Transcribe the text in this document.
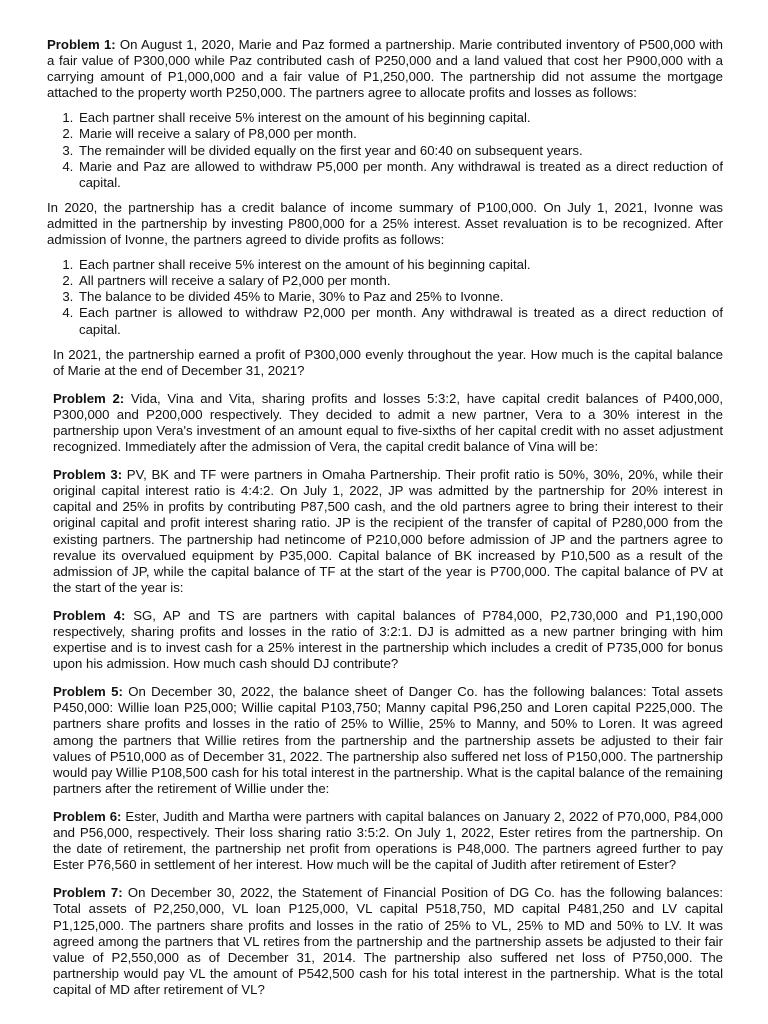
Problem 1: On August 1, 2020, Marie and Paz formed a partnership. Marie contributed inventory of P500,000 with a fair value of P300,000 while Paz contributed cash of P250,000 and a land valued that cost her P900,000 with a carrying amount of P1,000,000 and a fair value of P1,250,000. The partnership did not assume the mortgage attached to the property worth P250,000. The partners agree to allocate profits and losses as follows:

1. Each partner shall receive 5% interest on the amount of his beginning capital.
2. Marie will receive a salary of P8,000 per month.
3. The remainder will be divided equally on the first year and 60:40 on subsequent years.
4. Marie and Paz are allowed to withdraw P5,000 per month. Any withdrawal is treated as a direct reduction of capital.

In 2020, the partnership has a credit balance of income summary of P100,000. On July 1, 2021, Ivonne was admitted in the partnership by investing P800,000 for a 25% interest. Asset revaluation is to be recognized. After admission of Ivonne, the partners agreed to divide profits as follows:

1. Each partner shall receive 5% interest on the amount of his beginning capital.
2. All partners will receive a salary of P2,000 per month.
3. The balance to be divided 45% to Marie, 30% to Paz and 25% to Ivonne.
4. Each partner is allowed to withdraw P2,000 per month. Any withdrawal is treated as a direct reduction of capital.

In 2021, the partnership earned a profit of P300,000 evenly throughout the year. How much is the capital balance of Marie at the end of December 31, 2021?

Problem 2: Vida, Vina and Vita, sharing profits and losses 5:3:2, have capital credit balances of P400,000, P300,000 and P200,000 respectively. They decided to admit a new partner, Vera to a 30% interest in the partnership upon Vera's investment of an amount equal to five-sixths of her capital credit with no asset adjustment recognized. Immediately after the admission of Vera, the capital credit balance of Vina will be:

Problem 3: PV, BK and TF were partners in Omaha Partnership. Their profit ratio is 50%, 30%, 20%, while their original capital interest ratio is 4:4:2. On July 1, 2022, JP was admitted by the partnership for 20% interest in capital and 25% in profits by contributing P87,500 cash, and the old partners agree to bring their interest to their original capital and profit interest sharing ratio. JP is the recipient of the transfer of capital of P280,000 from the existing partners. The partnership had netincome of P210,000 before admission of JP and the partners agree to revalue its overvalued equipment by P35,000. Capital balance of BK increased by P10,500 as a result of the admission of JP, while the capital balance of TF at the start of the year is P700,000. The capital balance of PV at the start of the year is:

Problem 4: SG, AP and TS are partners with capital balances of P784,000, P2,730,000 and P1,190,000 respectively, sharing profits and losses in the ratio of 3:2:1. DJ is admitted as a new partner bringing with him expertise and is to invest cash for a 25% interest in the partnership which includes a credit of P735,000 for bonus upon his admission. How much cash should DJ contribute?

Problem 5: On December 30, 2022, the balance sheet of Danger Co. has the following balances: Total assets P450,000: Willie loan P25,000; Willie capital P103,750; Manny capital P96,250 and Loren capital P225,000. The partners share profits and losses in the ratio of 25% to Willie, 25% to Manny, and 50% to Loren. It was agreed among the partners that Willie retires from the partnership and the partnership assets be adjusted to their fair values of P510,000 as of December 31, 2022. The partnership also suffered net loss of P150,000. The partnership would pay Willie P108,500 cash for his total interest in the partnership. What is the capital balance of the remaining partners after the retirement of Willie under the:

Problem 6: Ester, Judith and Martha were partners with capital balances on January 2, 2022 of P70,000, P84,000 and P56,000, respectively. Their loss sharing ratio 3:5:2. On July 1, 2022, Ester retires from the partnership. On the date of retirement, the partnership net profit from operations is P48,000. The partners agreed further to pay Ester P76,560 in settlement of her interest. How much will be the capital of Judith after retirement of Ester?

Problem 7: On December 30, 2022, the Statement of Financial Position of DG Co. has the following balances: Total assets of P2,250,000, VL loan P125,000, VL capital P518,750, MD capital P481,250 and LV capital P1,125,000. The partners share profits and losses in the ratio of 25% to VL, 25% to MD and 50% to LV. It was agreed among the partners that VL retires from the partnership and the partnership assets be adjusted to their fair value of P2,550,000 as of December 31, 2014. The partnership also suffered net loss of P750,000. The partnership would pay VL the amount of P542,500 cash for his total interest in the partnership. What is the total capital of MD after retirement of VL?
